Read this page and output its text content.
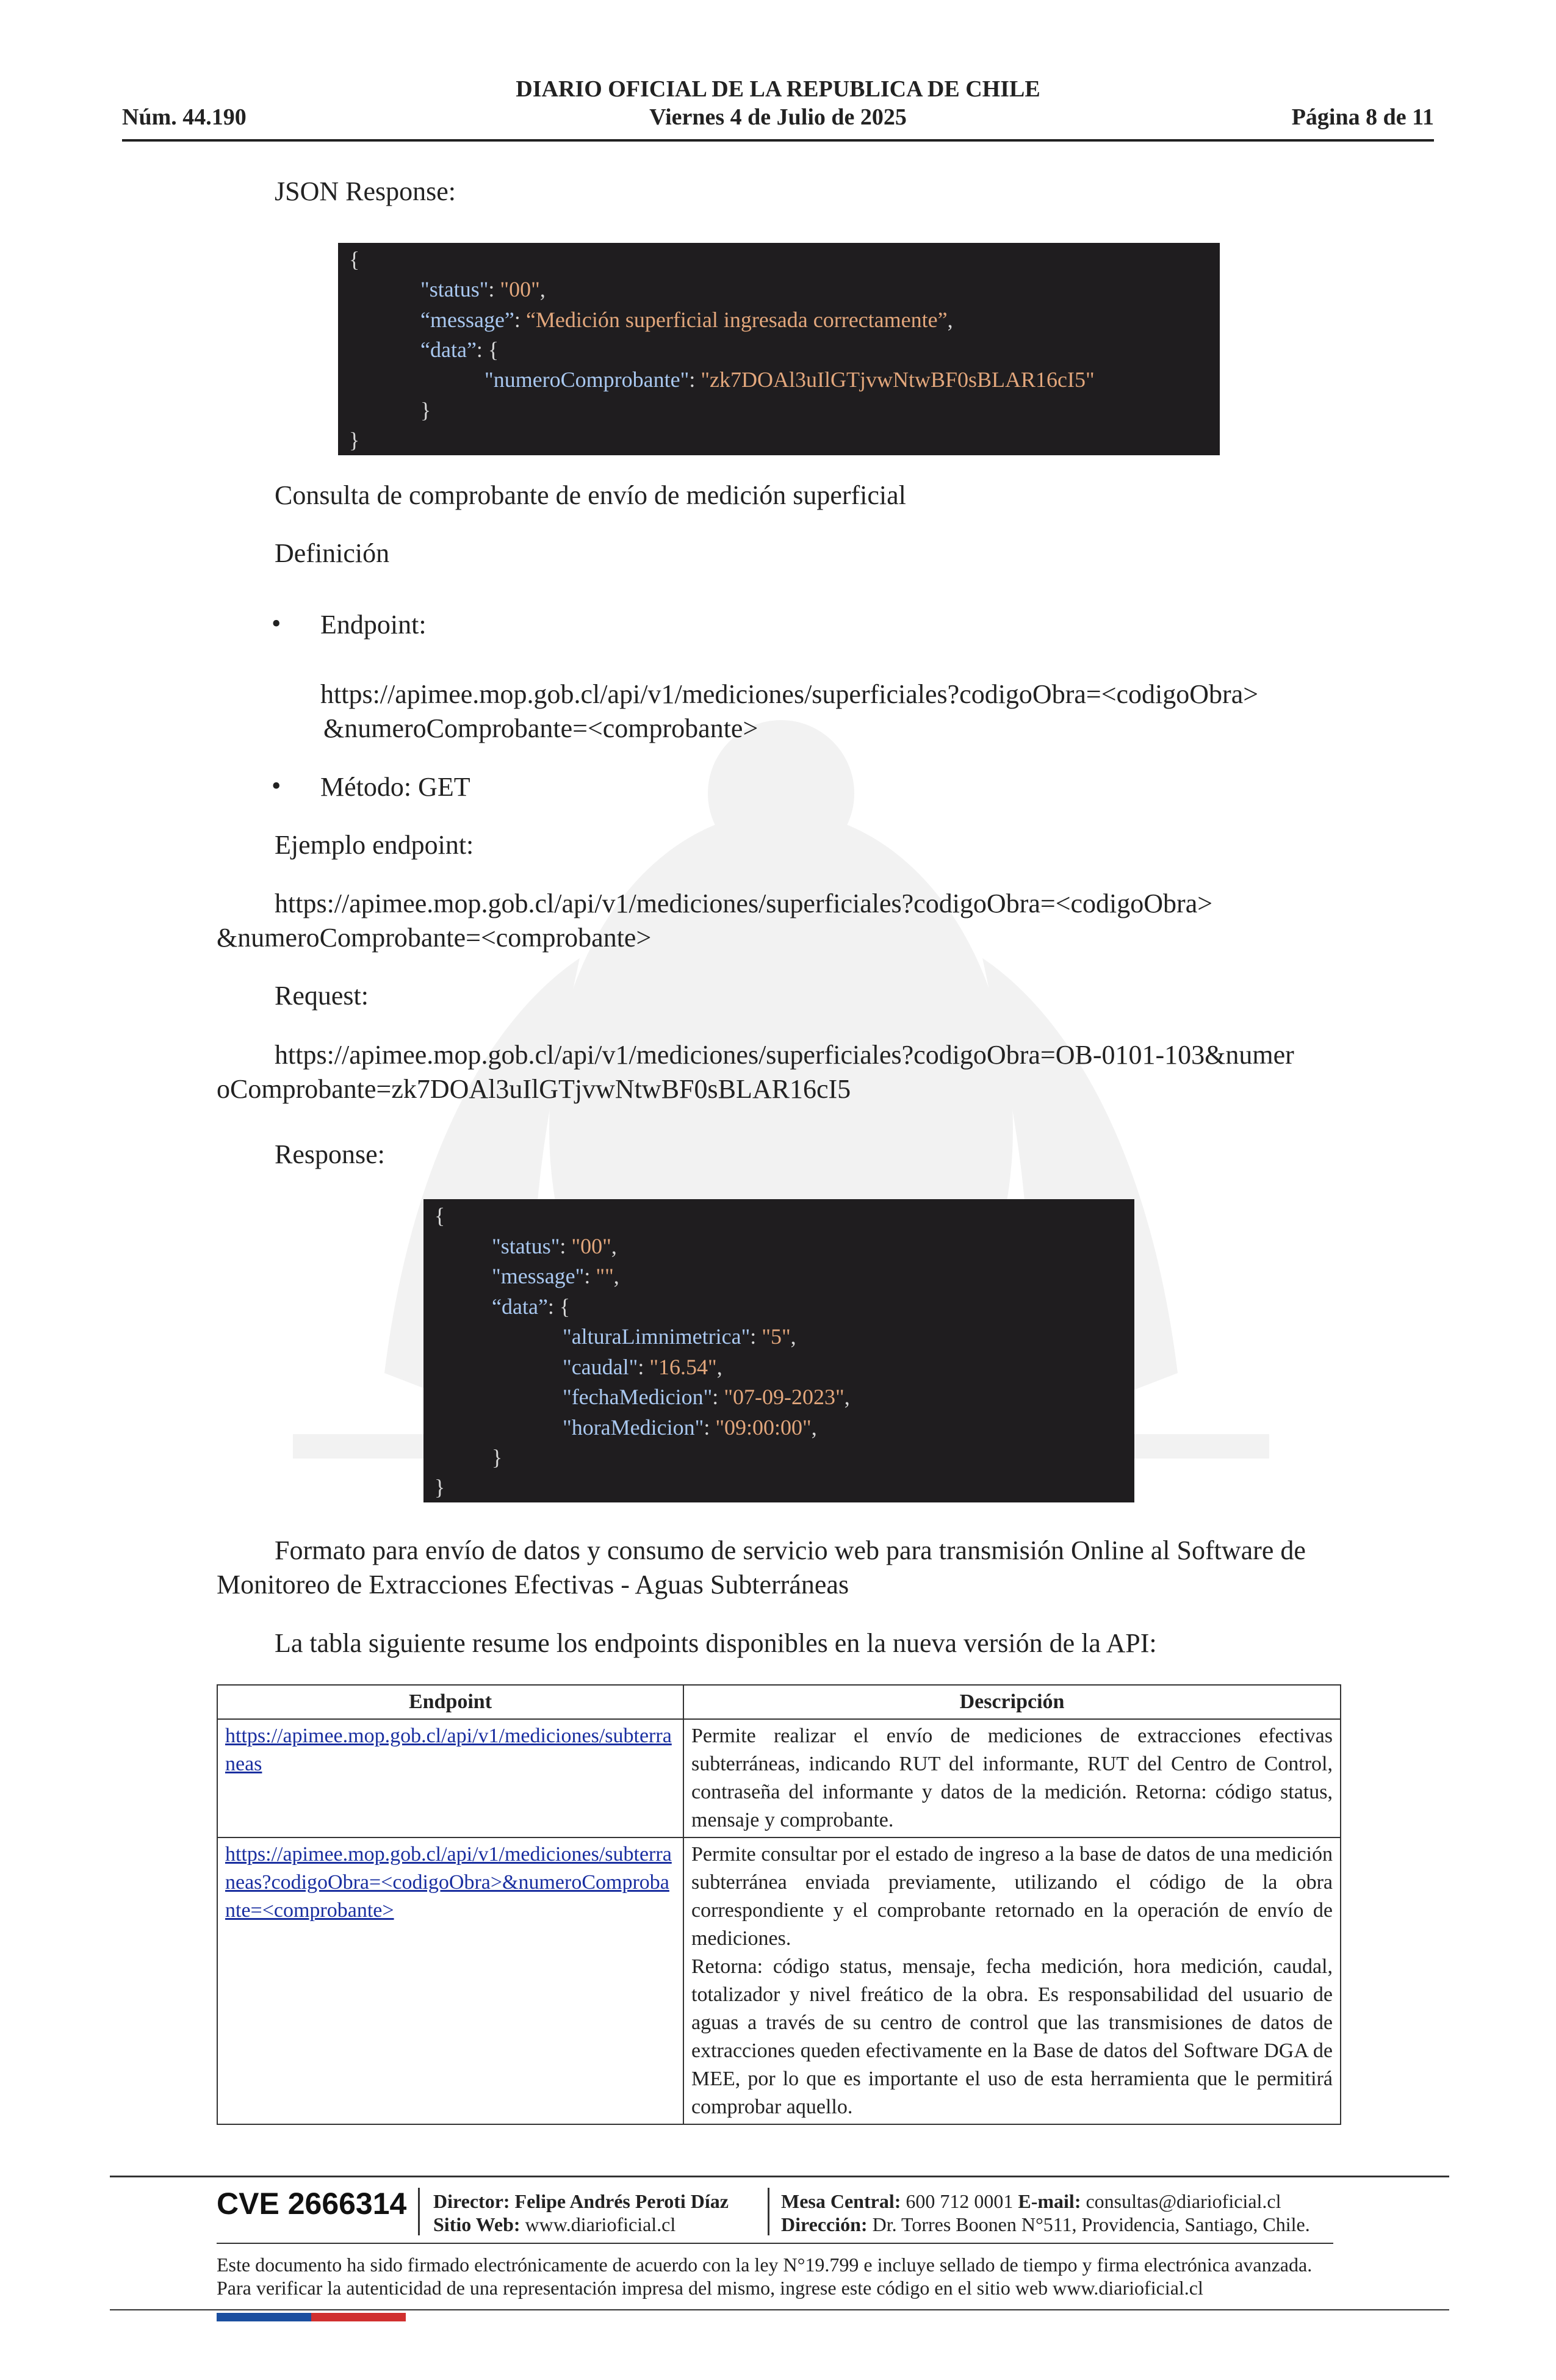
DIARIO OFICIAL DE LA REPUBLICA DE CHILE
Viernes 4 de Julio de 2025
Núm. 44.190	Página 8 de 11
JSON Response:
{
"status": "00",
“message”: “Medición superficial ingresada correctamente”,
“data”: {
"numeroComprobante": "zk7DOAl3uIlGTjvwNtwBF0sBLAR16cI5"
}
}
Consulta de comprobante de envío de medición superficial
Definición
• Endpoint:
https://apimee.mop.gob.cl/api/v1/mediciones/superficiales?codigoObra=<codigoObra>
&numeroComprobante=<comprobante>
• Método: GET
Ejemplo endpoint:
https://apimee.mop.gob.cl/api/v1/mediciones/superficiales?codigoObra=<codigoObra>
&numeroComprobante=<comprobante>
Request:
https://apimee.mop.gob.cl/api/v1/mediciones/superficiales?codigoObra=OB-0101-103&numer
oComprobante=zk7DOAl3uIlGTjvwNtwBF0sBLAR16cI5
Response:
{
"status": "00",
"message": "",
“data”: {
"alturaLimnimetrica": "5",
"caudal": "16.54",
"fechaMedicion": "07-09-2023",
"horaMedicion": "09:00:00",
}
}
Formato para envío de datos y consumo de servicio web para transmisión Online al Software de
Monitoreo de Extracciones Efectivas - Aguas Subterráneas
La tabla siguiente resume los endpoints disponibles en la nueva versión de la API:
Endpoint	Descripción
https://apimee.mop.gob.cl/api/v1/mediciones/subterraneas	Permite realizar el envío de mediciones de extracciones efectivas subterráneas, indicando RUT del informante, RUT del Centro de Control, contraseña del informante y datos de la medición. Retorna: código status, mensaje y comprobante.

https://apimee.mop.gob.cl/api/v1/mediciones/subterraneas?codigoObra=<codigoObra>&numeroComprobante=<comprobante>	Permite consultar por el estado de ingreso a la base de datos de una medición subterránea enviada previamente, utilizando el código de la obra correspondiente y el comprobante retornado en la operación de envío de mediciones.
Retorna: código status, mensaje, fecha medición, hora medición, caudal, totalizador y nivel freático de la obra. Es responsabilidad del usuario de aguas a través de su centro de control que las transmisiones de datos de extracciones queden efectivamente en la Base de datos del Software DGA de MEE, por lo que es importante el uso de esta herramienta que le permitirá comprobar aquello.
CVE 2666314 Director: Felipe Andrés Peroti Díaz
Sitio Web: www.diarioficial.cl
Mesa Central: 600 712 0001 E-mail: consultas@diarioficial.cl
Dirección: Dr. Torres Boonen N°511, Providencia, Santiago, Chile.
Este documento ha sido firmado electrónicamente de acuerdo con la ley N°19.799 e incluye sellado de tiempo y firma electrónica avanzada. Para verificar la autenticidad de una representación impresa del mismo, ingrese este código en el sitio web www.diarioficial.cl
